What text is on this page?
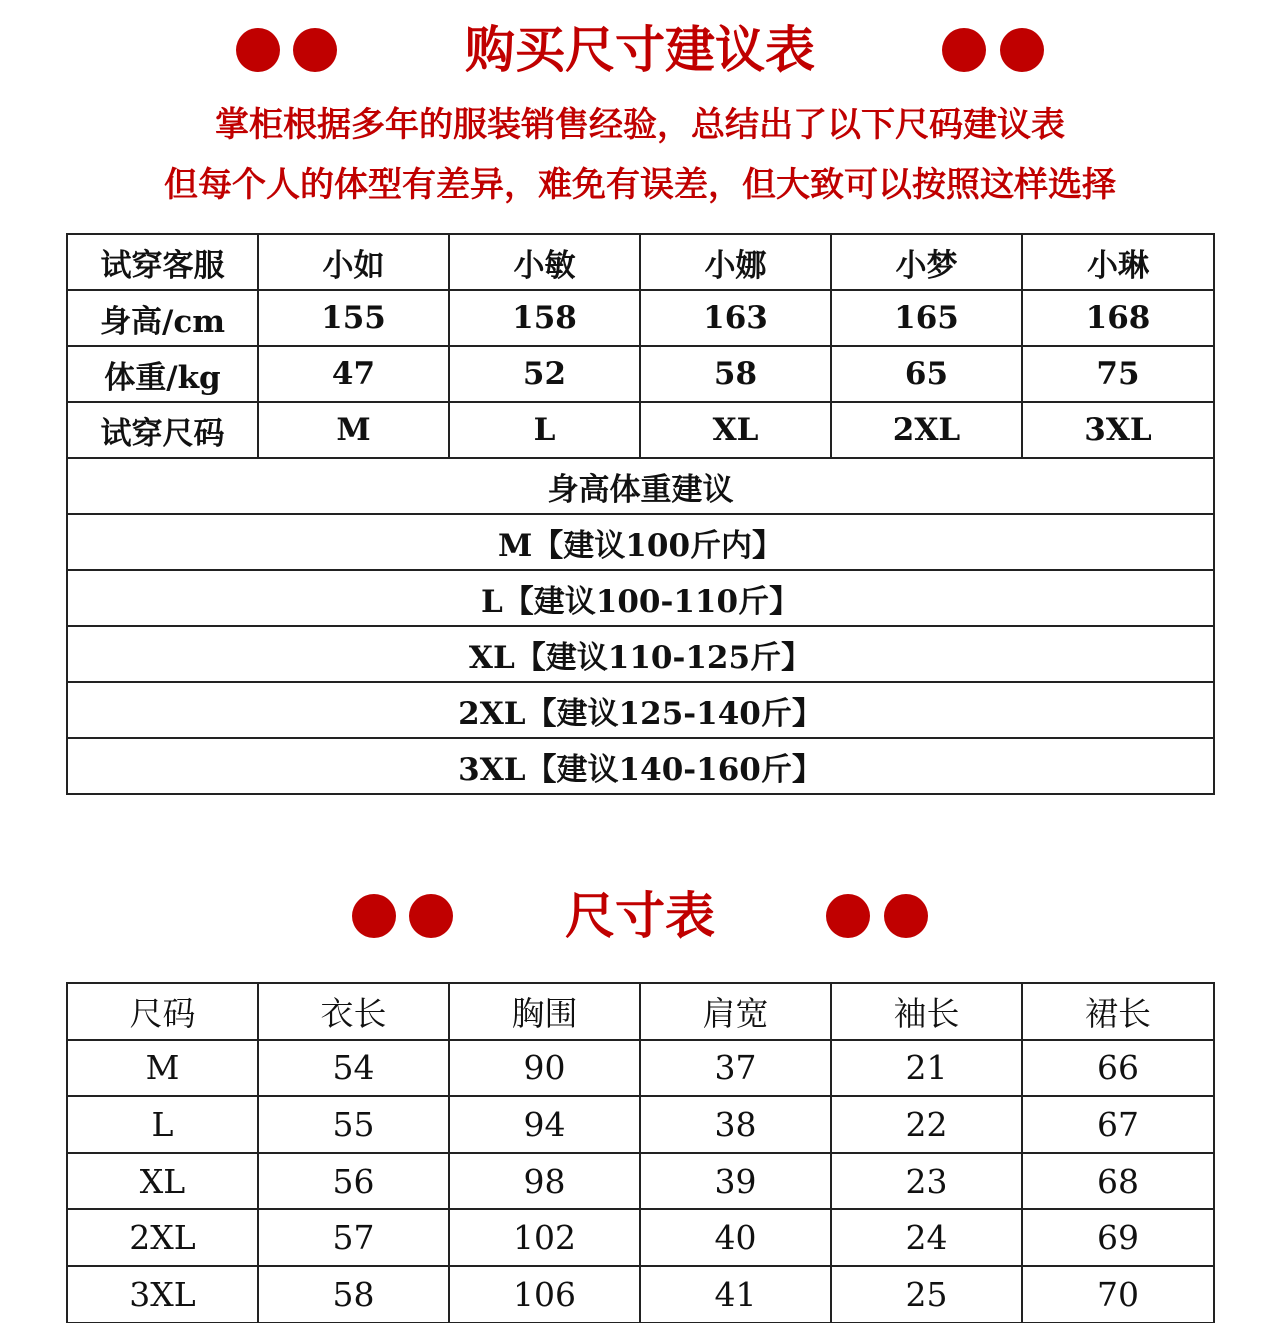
购买尺寸建议表
掌柜根据多年的服装销售经验，总结出了以下尺码建议表
但每个人的体型有差异，难免有误差，但大致可以按照这样选择
试穿客服	小如	小敏	小娜	小梦	小琳
身高/cm	155	158	163	165	168
体重/kg	47	52	58	65	75
试穿尺码	M	L	XL	2XL	3XL
身高体重建议					
M【建议100斤内】					
L【建议100-110斤】					
XL【建议110-125斤】					
2XL【建议125-140斤】					
3XL【建议140-160斤】					
尺寸表
尺码	衣长	胸围	肩宽	袖长	裙长
M	54	90	37	21	66
L	55	94	38	22	67
XL	56	98	39	23	68
2XL	57	102	40	24	69
3XL	58	106	41	25	70
